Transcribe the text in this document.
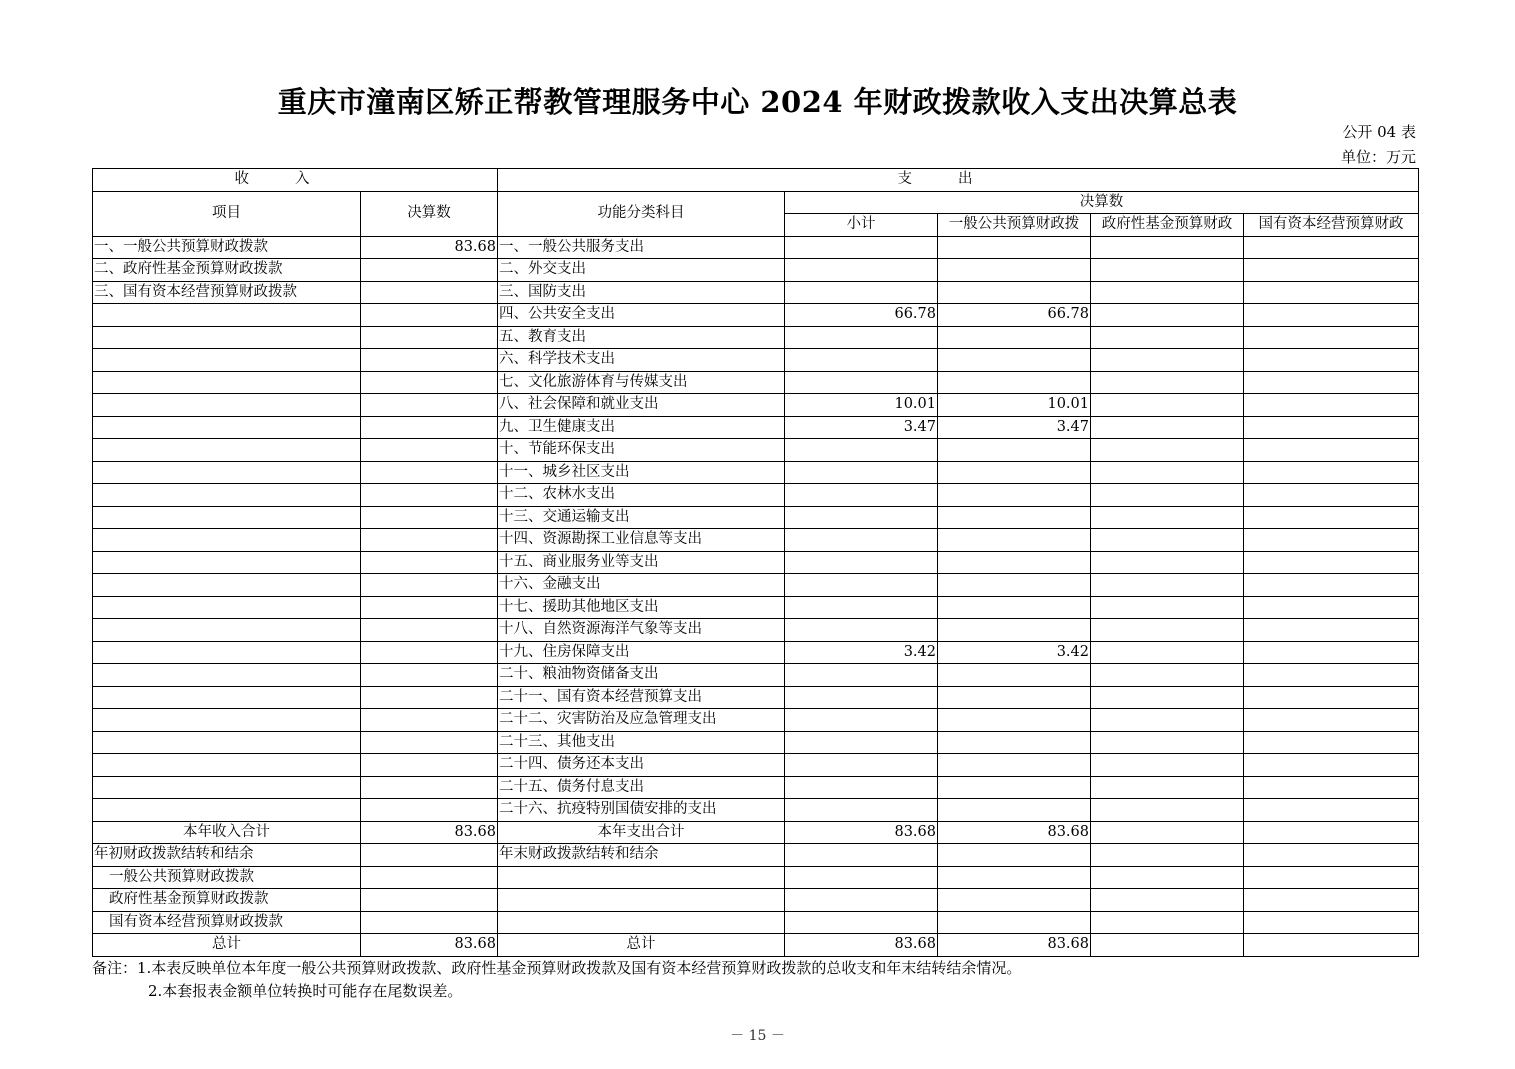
重庆市潼南区矫正帮教管理服务中心 2024 年财政拨款收入支出决算总表
公开 04 表
单位：万元
收入		支出				
项目	决算数	功能分类科目	决算数			
			小计	一般公共预算财政拨	政府性基金预算财政	国有资本经营预算财政
一、一般公共预算财政拨款	83.68	一、一般公共服务支出				
二、政府性基金预算财政拨款		二、外交支出				
三、国有资本经营预算财政拨款		三、国防支出				
		四、公共安全支出	66.78	66.78		
		五、教育支出				
		六、科学技术支出				
		七、文化旅游体育与传媒支出				
		八、社会保障和就业支出	10.01	10.01		
		九、卫生健康支出	3.47	3.47		
		十、节能环保支出				
		十一、城乡社区支出				
		十二、农林水支出				
		十三、交通运输支出				
		十四、资源勘探工业信息等支出				
		十五、商业服务业等支出				
		十六、金融支出				
		十七、援助其他地区支出				
		十八、自然资源海洋气象等支出				
		十九、住房保障支出	3.42	3.42		
		二十、粮油物资储备支出				
		二十一、国有资本经营预算支出				
		二十二、灾害防治及应急管理支出				
		二十三、其他支出				
		二十四、债务还本支出				
		二十五、债务付息支出				
		二十六、抗疫特别国债安排的支出				
本年收入合计	83.68	本年支出合计	83.68	83.68		
年初财政拨款结转和结余		年末财政拨款结转和结余				
一般公共预算财政拨款						
政府性基金预算财政拨款						
国有资本经营预算财政拨款						
总计	83.68	总计	83.68	83.68		
备注：1.本表反映单位本年度一般公共预算财政拨款、政府性基金预算财政拨款及国有资本经营预算财政拨款的总收支和年末结转结余情况。
2.本套报表金额单位转换时可能存在尾数误差。
－ 15 －
